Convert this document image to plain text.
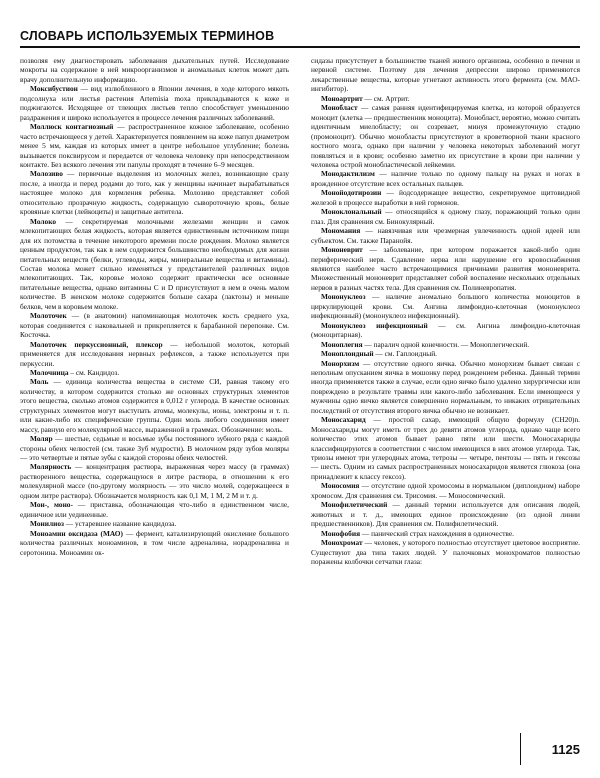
СЛОВАРЬ ИСПОЛЬЗУЕМЫХ ТЕРМИНОВ

позволяя ему диагностировать заболевания дыхательных путей. Исследование мокроты на содержание в ней микроорганизмов и аномальных клеток может дать врачу дополнительную информацию.

Моксибустион — вид излюбленного в Японии лечения, в ходе которого мякоть подсолнуха или листья растения Artemisia moxa прикладываются к коже и поджигаются. Исходящее от тлеющих листьев тепло способствует уменьшению раздражения и широко используется в процессе лечения различных заболеваний.

Моллюск контагиозный — распространенное кожное заболевание, особенно часто встречающееся у детей. Характеризуется появлением на коже папул диаметром менее 5 мм, каждая из которых имеет в центре небольшое углубление; болезнь вызывается поксвирусом и передается от человека человеку при непосредственном контакте. Без всякого лечения эти папулы проходят в течение 6–9 месяцев.

Молозиво — первичные выделения из молочных желез, возникающие сразу после, а иногда и перед родами до того, как у женщины начинает вырабатываться настоящее молоко для кормления ребенка. Молозиво представляет собой относительно прозрачную жидкость, содержащую сывороточную кровь, белые кровяные клетки (лейкоциты) и защитные антитела.

Молоко — секретируемая молочными железами женщин и самок млекопитающих белая жидкость, которая является единственным источником пищи для их потомства в течение некоторого времени после рождения. Молоко является ценным продуктом, так как в нем содержится большинство необходимых для жизни питательных веществ (белки, углеводы, жиры, минеральные вещества и витамины). Состав молока может сильно изменяться у представителей различных видов млекопитающих. Так, коровье молоко содержит практически все основные питательные вещества, однако витамины С и D присутствуют в нем в очень малом количестве. В женском молоке содержится больше сахара (лактозы) и меньше белков, чем в коровьем молоке.

Молоточек — (в анатомии) напоминающая молоточек кость среднего уха, которая соединяется с наковальней и прикрепляется к барабанной перепонке. См. Косточка.

Молоточек перкуссионный, плексор — небольшой молоток, который применяется для исследования нервных рефлексов, а также используется при перкуссии.

Молочница – см. Кандидоз.

Моль — единица количества вещества в системе СИ, равная такому его количеству, в котором содержится столько же основных структурных элементов этого вещества, сколько атомов содержится в 0,012 г углерода. В качестве основных структурных элементов могут выступать атомы, молекулы, ионы, электроны и т. п. или какие-либо их специфические группы. Один моль любого соединения имеет массу, равную его молекулярной массе, выраженной в граммах. Обозначение: моль.

Моляр — шестые, седьмые и восьмые зубы постоянного зубного ряда с каждой стороны обеих челюстей (см. также Зуб мудрости). В молочном ряду зубов моляры — это четвертые и пятые зубы с каждой стороны обеих челюстей.

Молярность — концентрация раствора, выраженная через массу (в граммах) растворенного вещества, содержащуюся в литре раствора, в отношении к его молекулярной массе (по-другому молярность — это число молей, содержащееся в одном литре раствора). Обозначается молярность как 0,1 М, 1 М, 2 М и т. д.

Мон-, моно- — приставка, обозначающая что-либо в единственном числе, единичное или уединенные.

Монилиоз — устаревшее название кандидоза.

Моноамин оксидаза (МАО) — фермент, катализирующий окисление большого количества различных моноаминов, в том числе адреналина, норадреналина и серотонина. Моноамин ок-

сидазы присутствует в большинстве тканей живого организма, особенно в печени и нервной системе. Поэтому для лечения депрессии широко применяются лекарственные вещества, которые угнетают активность этого фермента (см. МАО-ингибитор).

Моноартрит — см. Артрит.

Монобласт — самая ранняя идентифицируемая клетка, из которой образуется моноцит (клетка — предшественник моноцита). Монобласт, вероятно, можно считать идентичным миелобласту; он созревает, минуя промежуточную стадию (промоноцит). Обычно монобласты присутствуют в кроветворной ткани красного костного мозга, однако при наличии у человека некоторых заболеваний могут появляться и в крови; особенно заметно их присутствие в крови при наличии у человека острой монобластической лейкемии.

Монодактилизм — наличие только по одному пальцу на руках и ногах в врожденное отсутствие всех остальных пальцев.

Монойодотирозин — йодсодержащее вещество, секретируемое щитовидной железой в процессе выработки в ней гормонов.

Моноклональный — относящийся к одному глазу, поражающий только один глаз. Для сравнения см. Бинокулярный.

Мономания — навязчивая или чрезмерная увлеченность одной идеей или субъектом. См. также Паранойя.

Мононеврит — заболевание, при котором поражается какой-либо один периферический нерв. Сдавление нерва или нарушение его кровоснабжения являются наиболее часто встречающимися причинами развития мононеврита. Множественный мононеврит представляет собой воспаление нескольких отдельных нервов в разных частях тела. Для сравнения см. Полиневропатия.

Мононуклеоз — наличие аномально большого количества моноцитов в циркулирующей крови. См. Ангина лимфоидно-клеточная (мононуклеоз инфекционный) (мононуклеоз инфекционный).

Мононуклеоз инфекционный — см. Ангина лимфоидно-клеточная (моноцитарная).

Моноплегия — паралич одной конечности. — Моноплегический.

Моноплоидный — см. Гаплоидный.

Монорхизм — отсутствие одного яичка. Обычно монорхизм бывает связан с неполным опусканием яичка в мошонку перед рождением ребенка. Данный термин иногда применяется также в случае, если одно яичко было удалено хирургически или повреждено в результате травмы или какого-либо заболевания. Если имеющееся у мужчины одно яичко является совершенно нормальным, то никаких отрицательных последствий от отсутствия второго яичка обычно не возникает.

Моносахарид — простой сахар, имеющий общую формулу (CH20)n. Моносахариды могут иметь от трех до девяти атомов углерода, однако чаще всего количество этих атомов бывает равно пяти или шести. Моносахариды классифицируются в соответствии с числом имеющихся в них атомов углерода. Так, триозы имеют три углеродных атома, тетрозы — четыре, пентозы — пять и гексозы — шесть. Одним из самых распространенных моносахаридов является глюкоза (она принадлежит к классу гексоз).

Моносомия — отсутствие одной хромосомы в нормальном (диплоидном) наборе хромосом. Для сравнения см. Трисомия. — Моносомический.

Монофилетический — данный термин используется для описания людей, животных и т. д., имеющих единое происхождение (из одной линии предшественников). Для сравнения см. Полифилетический.

Монофобия — панический страх нахождения в одиночестве.

Монохромат — человек, у которого полностью отсутствует цветовое восприятие. Существуют два типа таких людей. У палочковых монохроматов полностью поражены колбочки сетчатки глаза:

1125
